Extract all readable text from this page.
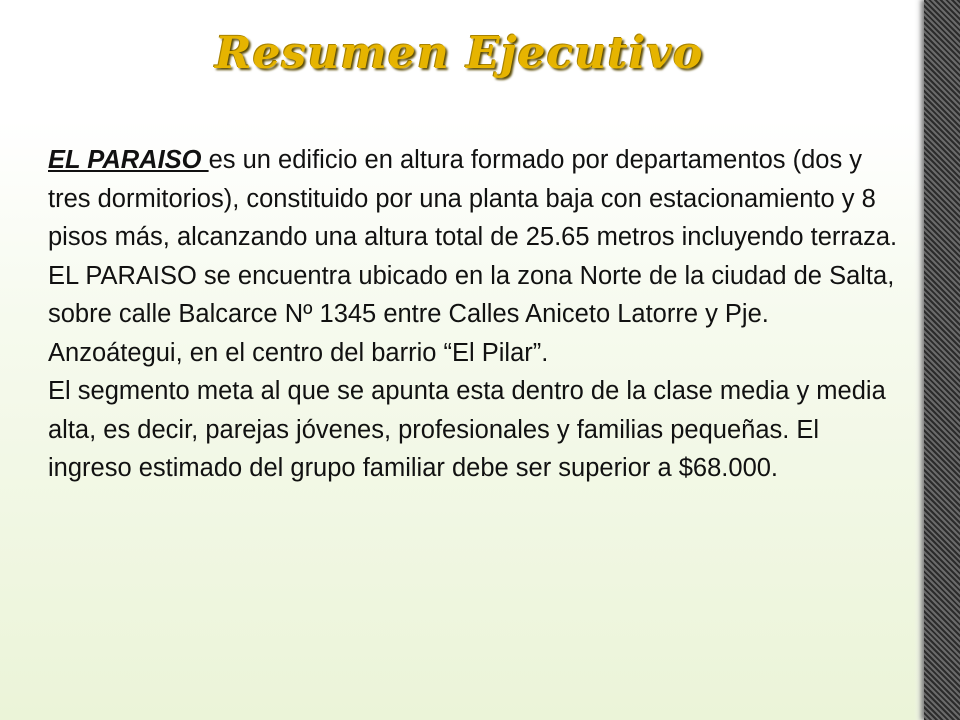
Resumen Ejecutivo

EL PARAISO es un edificio en altura formado por departamentos (dos y tres dormitorios), constituido por una planta baja con estacionamiento y 8 pisos más, alcanzando una altura total de 25.65 metros incluyendo terraza.

EL PARAISO se encuentra ubicado en la zona Norte de la ciudad de Salta, sobre calle Balcarce Nº 1345 entre Calles Aniceto Latorre y Pje. Anzoátegui, en el centro del barrio “El Pilar”.

El segmento meta al que se apunta esta dentro de la clase media y media alta, es decir, parejas jóvenes, profesionales y familias pequeñas. El ingreso estimado del grupo familiar debe ser superior a $68.000.
